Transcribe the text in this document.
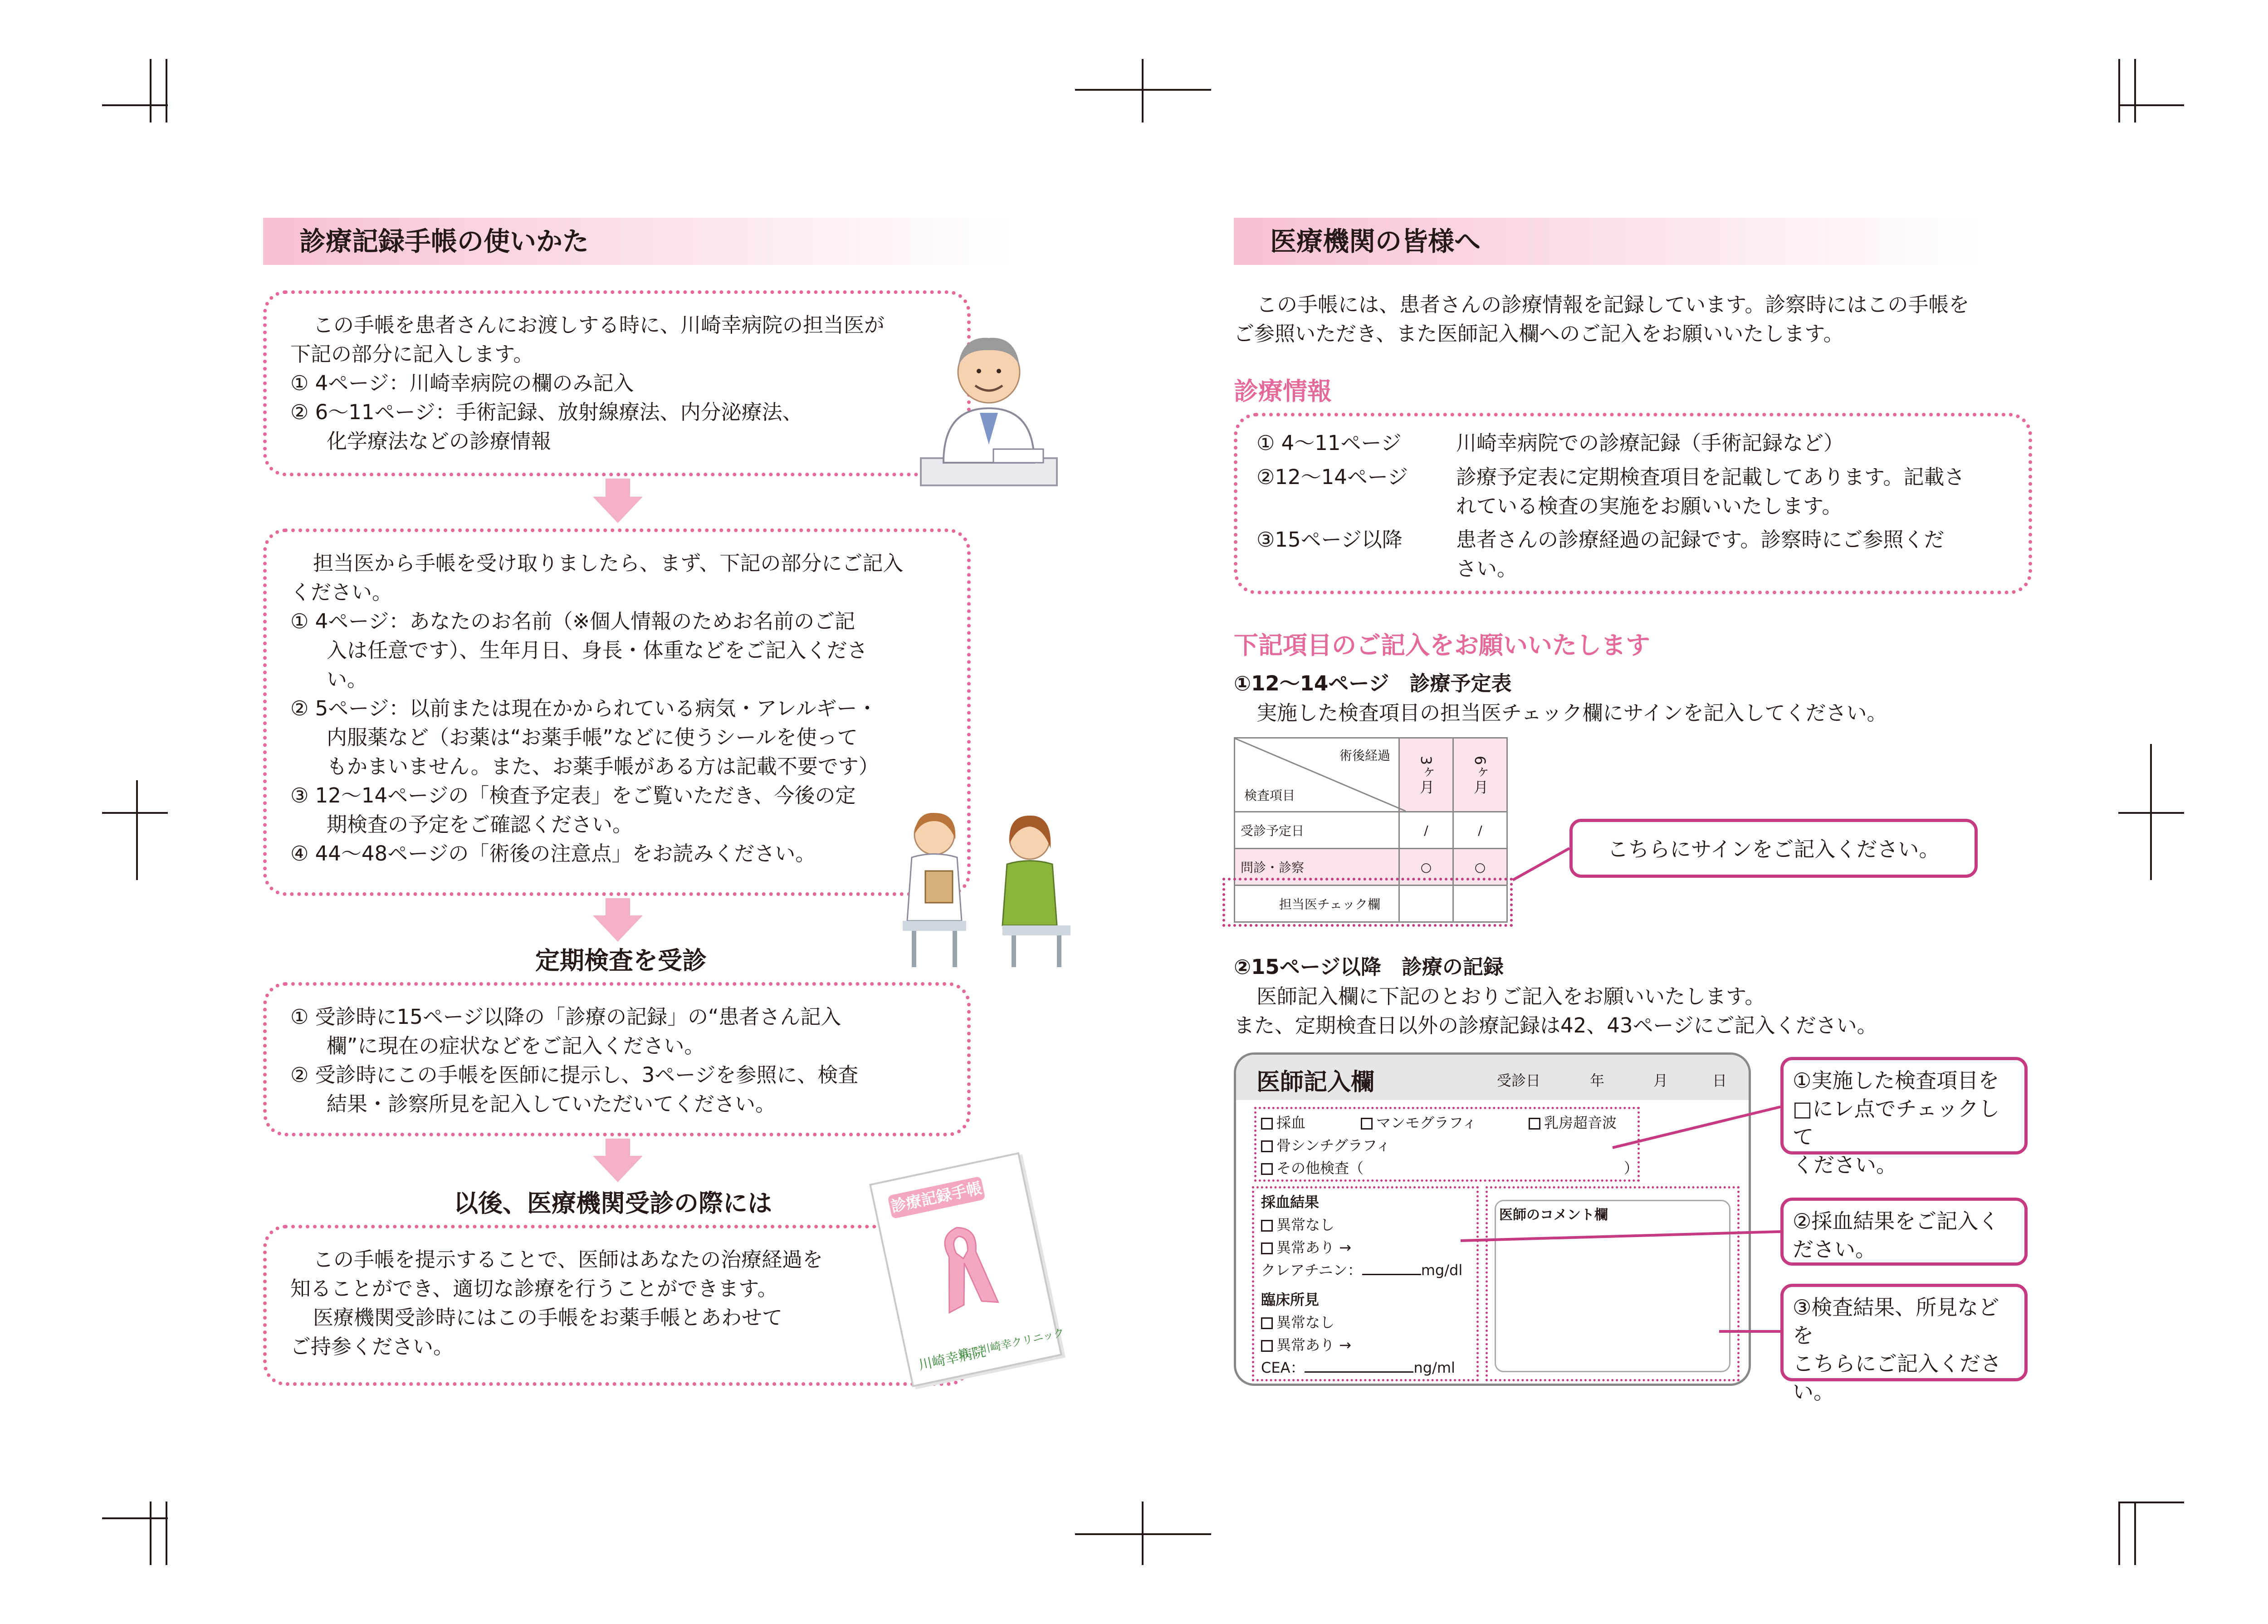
診療記録手帳の使いかた
この手帳を患者さんにお渡しする時に、川崎幸病院の担当医が
下記の部分に記入します。
① 4ページ：川崎幸病院の欄のみ記入
② 6〜11ページ：手術記録、放射線療法、内分泌療法、
化学療法などの診療情報
担当医から手帳を受け取りましたら、まず、下記の部分にご記入
ください。
① 4ページ：あなたのお名前（※個人情報のためお名前のご記
入は任意です）、生年月日、身長・体重などをご記入くださ
い。
② 5ページ：以前または現在かかられている病気・アレルギー・
内服薬など（お薬は“お薬手帳”などに使うシールを使って
もかまいません。また、お薬手帳がある方は記載不要です）
③ 12〜14ページの「検査予定表」をご覧いただき、今後の定
期検査の予定をご確認ください。
④ 44〜48ページの「術後の注意点」をお読みください。
定期検査を受診
① 受診時に15ページ以降の「診療の記録」の“患者さん記入
欄”に現在の症状などをご記入ください。
② 受診時にこの手帳を医師に提示し、3ページを参照に、検査
結果・診察所見を記入していただいてください。
以後、医療機関受診の際には
この手帳を提示することで、医師はあなたの治療経過を
知ることができ、適切な診療を行うことができます。
医療機関受診時にはこの手帳をお薬手帳とあわせて
ご持参ください。
診療記録手帳
川崎幸病院
第二川崎幸クリニック
医療機関の皆様へ
この手帳には、患者さんの診療情報を記録しています。診察時にはこの手帳を
ご参照いただき、また医師記入欄へのご記入をお願いいたします。
診療情報
① 4〜11ページ	川崎幸病院での診療記録（手術記録など）
②12〜14ページ 診療予定表に定期検査項目を記載してあります。記載さ
れている検査の実施をお願いいたします。
③15ページ以降	患者さんの診療経過の記録です。診察時にご参照くだ
さい。
下記項目のご記入をお願いいたします
①12〜14ページ　診療予定表
実施した検査項目の担当医チェック欄にサインを記入してください。
術後経過
検査項目	3ヶ月	6ヶ月
受診予定日	/	/
問診・診察	○	○
担当医チェック欄		
こちらにサインをご記入ください。
②15ページ以降　診療の記録
医師記入欄に下記のとおりご記入をお願いいたします。
また、定期検査日以外の診療記録は42、43ページにご記入ください。
医師記入欄	受診日	年	月	日
採血	マンモグラフィ	乳房超音波
骨シンチグラフィ
その他検査（	）
採血結果
異常なし
異常あり →
クレアチニン：	mg/dl
臨床所見
異常なし
異常あり →
CEA：	ng/ml
医師のコメント欄
①実施した検査項目を
□にレ点でチェックして
ください。
②採血結果をご記入く
ださい。
③検査結果、所見などを
こちらにご記入くださ
い。
